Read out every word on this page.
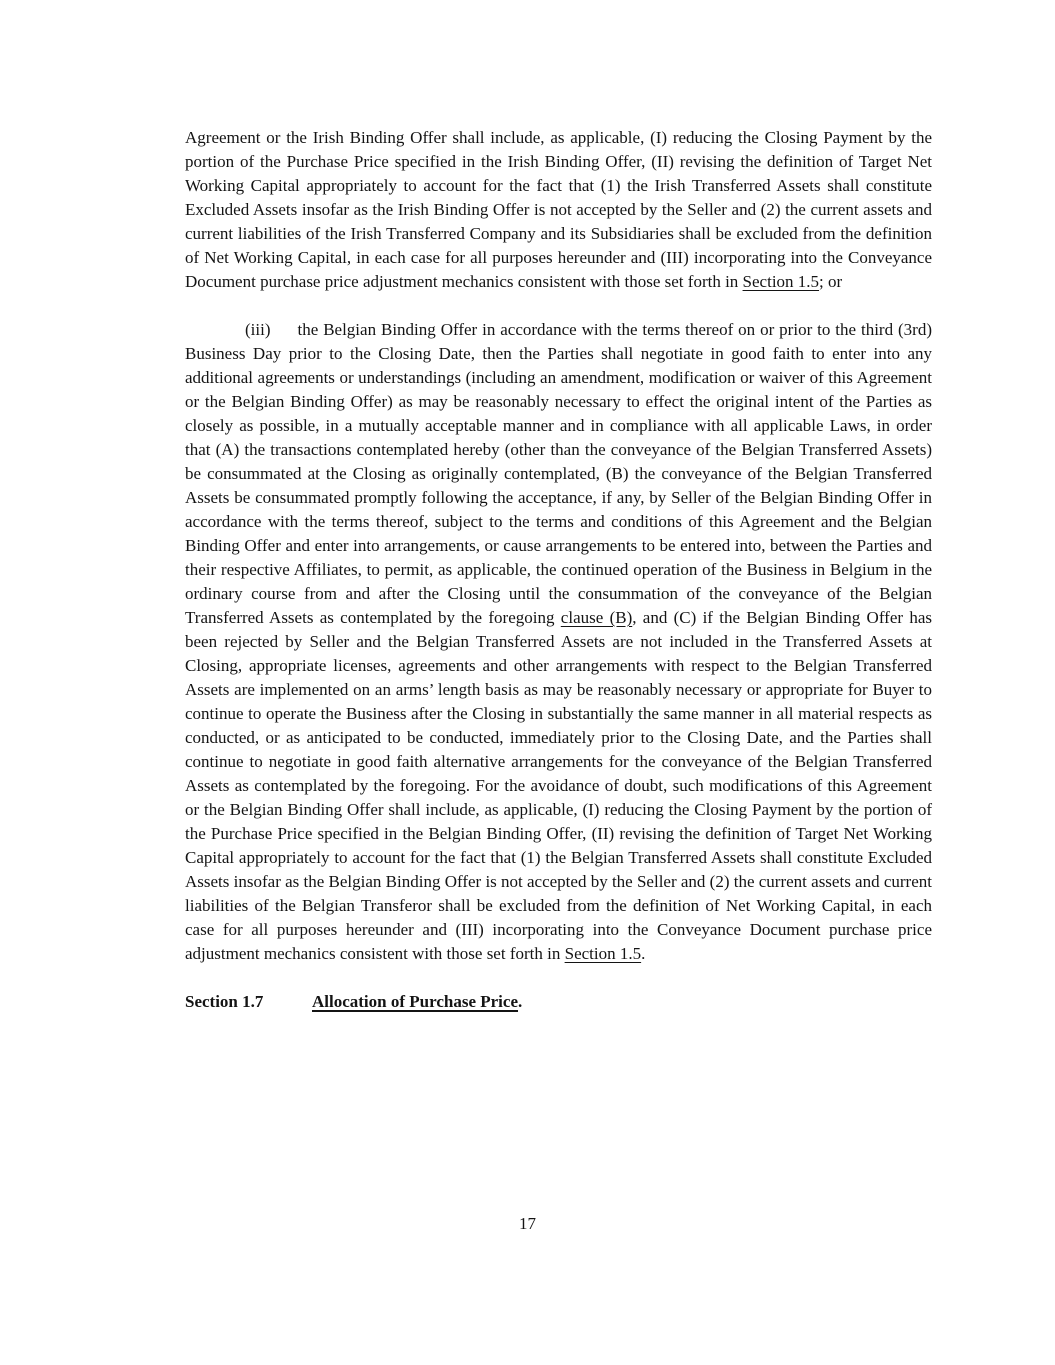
Agreement or the Irish Binding Offer shall include, as applicable, (I) reducing the Closing Payment by the portion of the Purchase Price specified in the Irish Binding Offer, (II) revising the definition of Target Net Working Capital appropriately to account for the fact that (1) the Irish Transferred Assets shall constitute Excluded Assets insofar as the Irish Binding Offer is not accepted by the Seller and (2) the current assets and current liabilities of the Irish Transferred Company and its Subsidiaries shall be excluded from the definition of Net Working Capital, in each case for all purposes hereunder and (III) incorporating into the Conveyance Document purchase price adjustment mechanics consistent with those set forth in Section 1.5; or

(iii) the Belgian Binding Offer in accordance with the terms thereof on or prior to the third (3rd) Business Day prior to the Closing Date, then the Parties shall negotiate in good faith to enter into any additional agreements or understandings (including an amendment, modification or waiver of this Agreement or the Belgian Binding Offer) as may be reasonably necessary to effect the original intent of the Parties as closely as possible, in a mutually acceptable manner and in compliance with all applicable Laws, in order that (A) the transactions contemplated hereby (other than the conveyance of the Belgian Transferred Assets) be consummated at the Closing as originally contemplated, (B) the conveyance of the Belgian Transferred Assets be consummated promptly following the acceptance, if any, by Seller of the Belgian Binding Offer in accordance with the terms thereof, subject to the terms and conditions of this Agreement and the Belgian Binding Offer and enter into arrangements, or cause arrangements to be entered into, between the Parties and their respective Affiliates, to permit, as applicable, the continued operation of the Business in Belgium in the ordinary course from and after the Closing until the consummation of the conveyance of the Belgian Transferred Assets as contemplated by the foregoing clause (B), and (C) if the Belgian Binding Offer has been rejected by Seller and the Belgian Transferred Assets are not included in the Transferred Assets at Closing, appropriate licenses, agreements and other arrangements with respect to the Belgian Transferred Assets are implemented on an arms’ length basis as may be reasonably necessary or appropriate for Buyer to continue to operate the Business after the Closing in substantially the same manner in all material respects as conducted, or as anticipated to be conducted, immediately prior to the Closing Date, and the Parties shall continue to negotiate in good faith alternative arrangements for the conveyance of the Belgian Transferred Assets as contemplated by the foregoing. For the avoidance of doubt, such modifications of this Agreement or the Belgian Binding Offer shall include, as applicable, (I) reducing the Closing Payment by the portion of the Purchase Price specified in the Belgian Binding Offer, (II) revising the definition of Target Net Working Capital appropriately to account for the fact that (1) the Belgian Transferred Assets shall constitute Excluded Assets insofar as the Belgian Binding Offer is not accepted by the Seller and (2) the current assets and current liabilities of the Belgian Transferor shall be excluded from the definition of Net Working Capital, in each case for all purposes hereunder and (III) incorporating into the Conveyance Document purchase price adjustment mechanics consistent with those set forth in Section 1.5.

Section 1.7	Allocation of Purchase Price.

17
